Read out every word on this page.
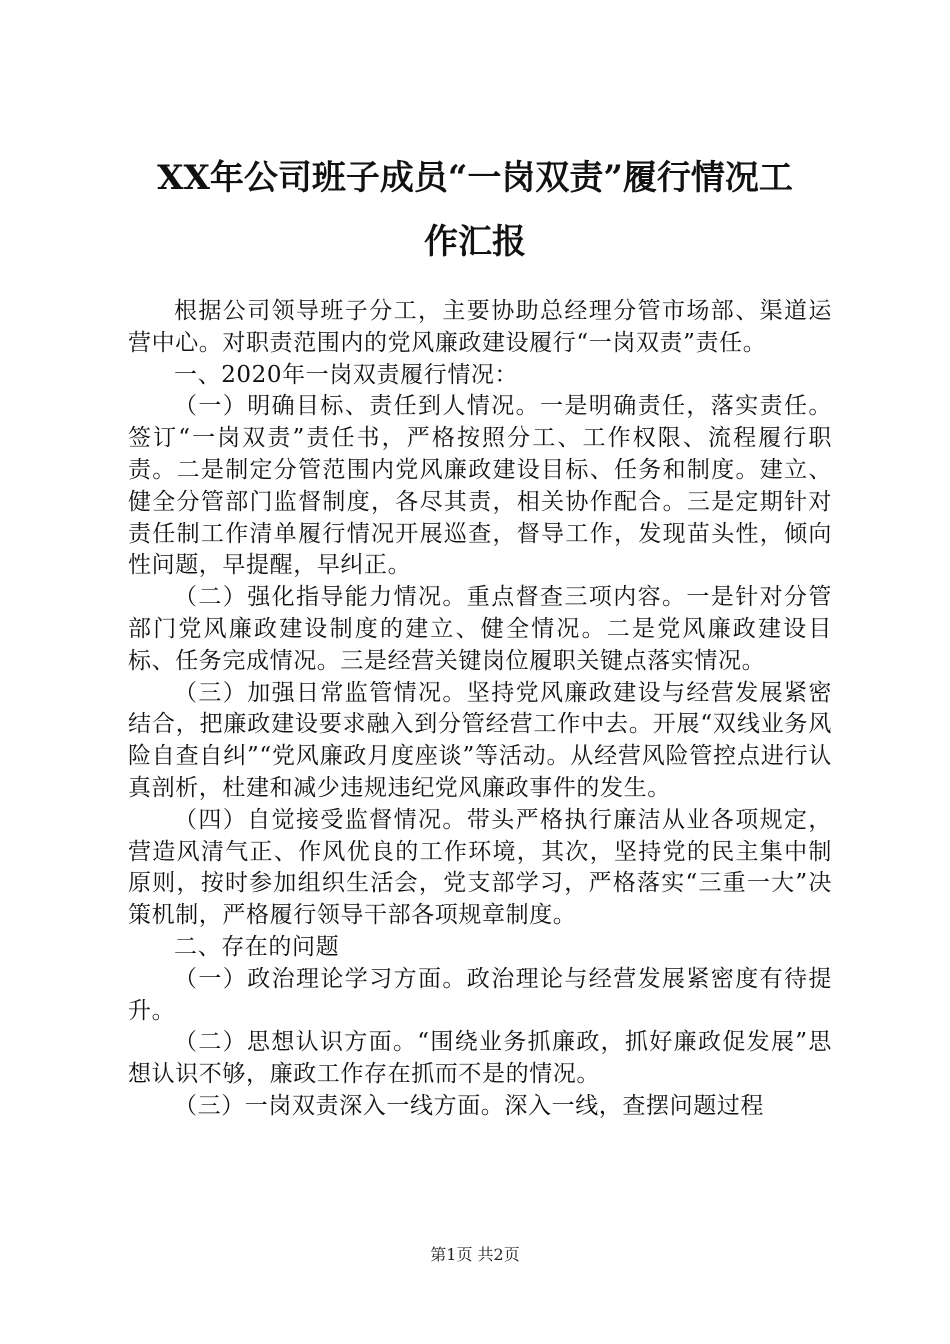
XX年公司班子成员“一岗双责”履行情况工
作汇报

根据公司领导班子分工，主要协助总经理分管市场部、渠道运营中心。对职责范围内的党风廉政建设履行“一岗双责”责任。

一、2020年一岗双责履行情况：

（一）明确目标、责任到人情况。一是明确责任，落实责任。签订“一岗双责”责任书，严格按照分工、工作权限、流程履行职责。二是制定分管范围内党风廉政建设目标、任务和制度。建立、健全分管部门监督制度，各尽其责，相关协作配合。三是定期针对责任制工作清单履行情况开展巡查，督导工作，发现苗头性，倾向性问题，早提醒，早纠正。

（二）强化指导能力情况。重点督查三项内容。一是针对分管部门党风廉政建设制度的建立、健全情况。二是党风廉政建设目标、任务完成情况。三是经营关键岗位履职关键点落实情况。

（三）加强日常监管情况。坚持党风廉政建设与经营发展紧密结合，把廉政建设要求融入到分管经营工作中去。开展“双线业务风险自查自纠”“党风廉政月度座谈”等活动。从经营风险管控点进行认真剖析，杜建和减少违规违纪党风廉政事件的发生。

（四）自觉接受监督情况。带头严格执行廉洁从业各项规定，营造风清气正、作风优良的工作环境，其次，坚持党的民主集中制原则，按时参加组织生活会，党支部学习，严格落实“三重一大”决策机制，严格履行领导干部各项规章制度。

二、存在的问题

（一）政治理论学习方面。政治理论与经营发展紧密度有待提升。

（二）思想认识方面。“围绕业务抓廉政，抓好廉政促发展”思想认识不够，廉政工作存在抓而不是的情况。

（三）一岗双责深入一线方面。深入一线，查摆问题过程

第1页 共2页
